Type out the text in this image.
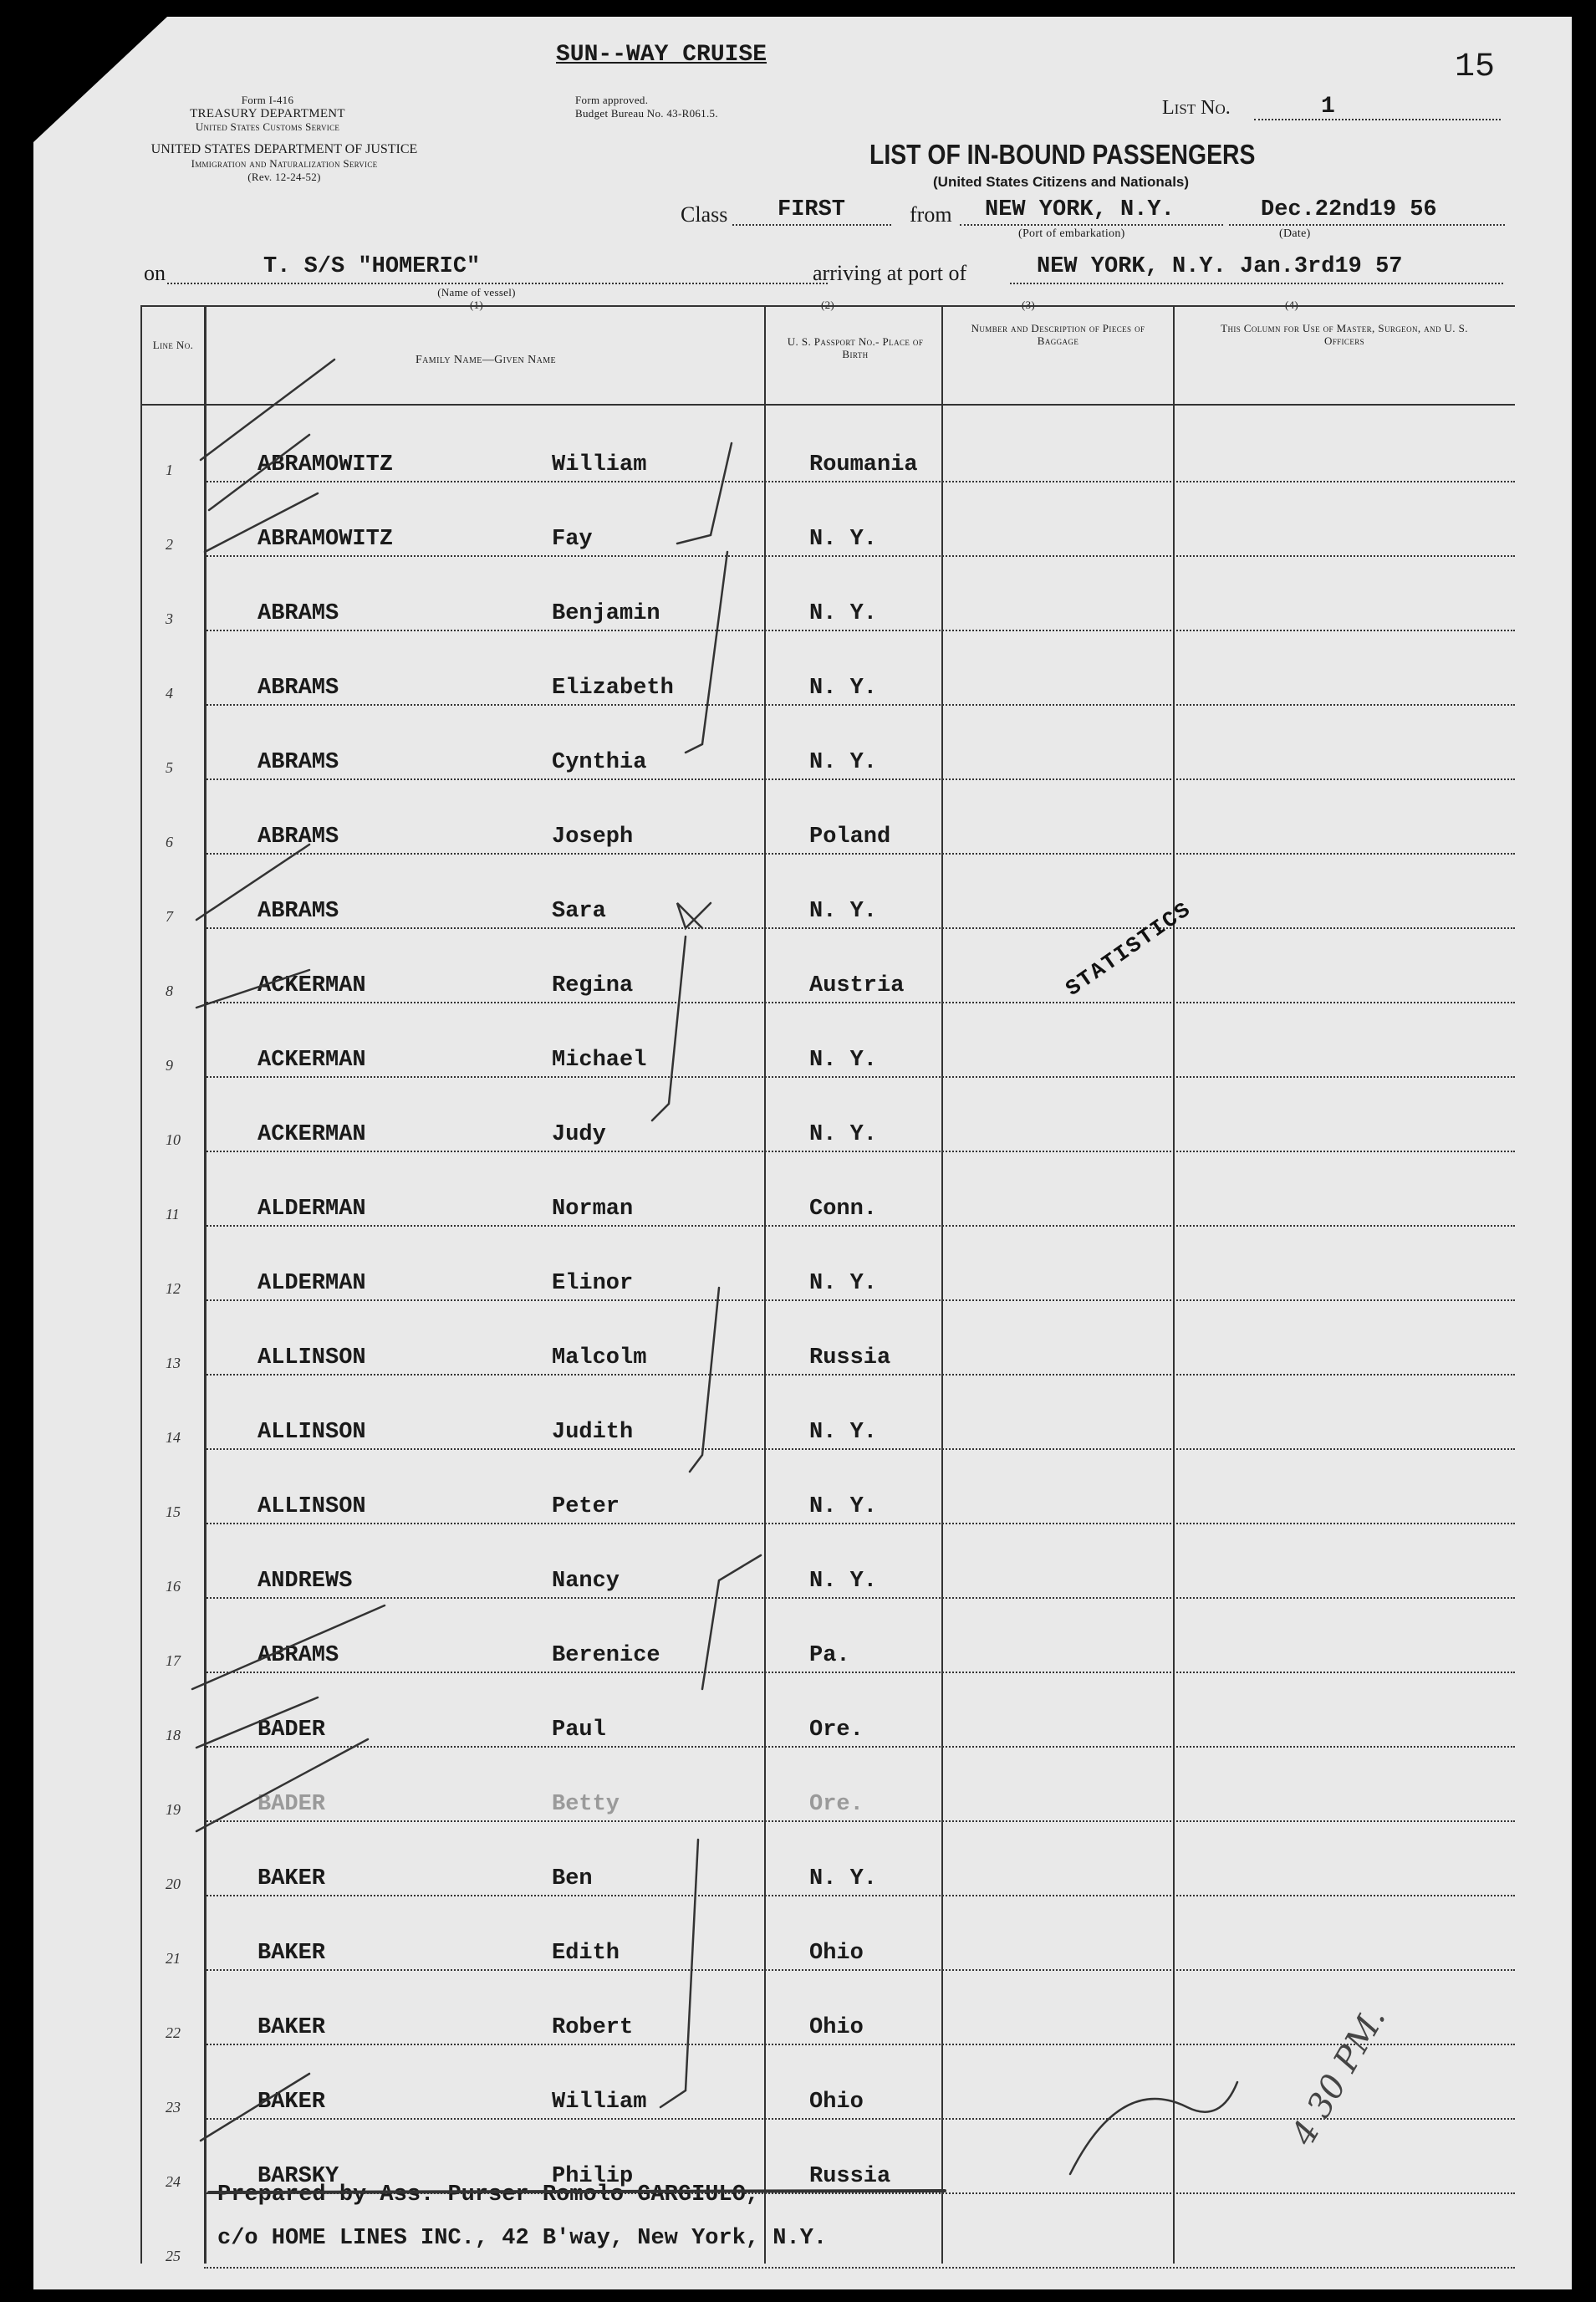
SUN--WAY CRUISE	15
Form I-416
TREASURY DEPARTMENT
United States Customs Service
UNITED STATES DEPARTMENT OF JUSTICE
Immigration and Naturalization Service
(Rev. 12-24-52)
Form approved.
Budget Bureau No. 43-R061.5.	List No.	1
LIST OF IN-BOUND PASSENGERS
(United States Citizens and Nationals)
Class FIRST	from NEW YORK, N.Y.
(Port of embarkation)
Dec.22nd19 56
(Date)
on	T. S/S "HOMERIC"
(Name of vessel)
(1)
arriving at port of	NEW YORK, N.Y. Jan.3rd19 57
(2)	(3)	(4)
Line No.
Family Name—Given Name
U. S. Passport No.- Place of Birth
Number and Description of Pieces of Baggage
This Column for Use of Master, Surgeon, and U. S. Officers
1	ABRAMOWITZ	William	Roumania
2	ABRAMOWITZ	Fay	N. Y.
3	ABRAMS	Benjamin	N. Y.
4	ABRAMS	Elizabeth	N. Y.
5	ABRAMS	Cynthia	N. Y.
6	ABRAMS	Joseph	Poland
7	ABRAMS	Sara	N. Y.
8	ACKERMAN	Regina	Austria
9	ACKERMAN	Michael	N. Y.
10	ACKERMAN	Judy	N. Y.
11	ALDERMAN	Norman	Conn.
12	ALDERMAN	Elinor	N. Y.
13	ALLINSON	Malcolm	Russia
14	ALLINSON	Judith	N. Y.
15	ALLINSON	Peter	N. Y.
16	ANDREWS	Nancy	N. Y.
17	ABRAMS	Berenice	Pa.
18	BADER	Paul	Ore.
19	BADER	Betty	Ore.
20	BAKER	Ben	N. Y.
21	BAKER	Edith	Ohio
22	BAKER	Robert	Ohio
23	BAKER	William	Ohio
24	BARSKY	Philip	Russia
25
Prepared by Ass. Purser Romolo GARGIULO,
c/o HOME LINES INC., 42 B'way, New York, N.Y.
STATISTICS
4 30 PM.
